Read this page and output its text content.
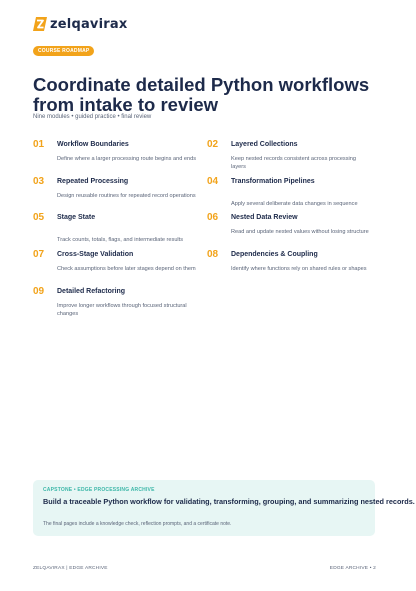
zelqavirax
COURSE ROADMAP
Coordinate detailed Python workflows from intake to review
Nine modules • guided practice • final review
01 Workflow Boundaries
Define where a larger processing route begins and ends
02 Layered Collections
Keep nested records consistent across processing layers
03 Repeated Processing
Design reusable routines for repeated record operations
04 Transformation Pipelines
Apply several deliberate data changes in sequence
05 Stage State
Track counts, totals, flags, and intermediate results
06 Nested Data Review
Read and update nested values without losing structure
07 Cross-Stage Validation
Check assumptions before later stages depend on them
08 Dependencies & Coupling
Identify where functions rely on shared rules or shapes
09 Detailed Refactoring
Improve longer workflows through focused structural changes
CAPSTONE • EDGE PROCESSING ARCHIVE
Build a traceable Python workflow for validating, transforming, grouping, and summarizing nested records.
The final pages include a knowledge check, reflection prompts, and a certificate note.
ZELQAVIRAX | EDGE ARCHIVE	EDGE ARCHIVE • 2
